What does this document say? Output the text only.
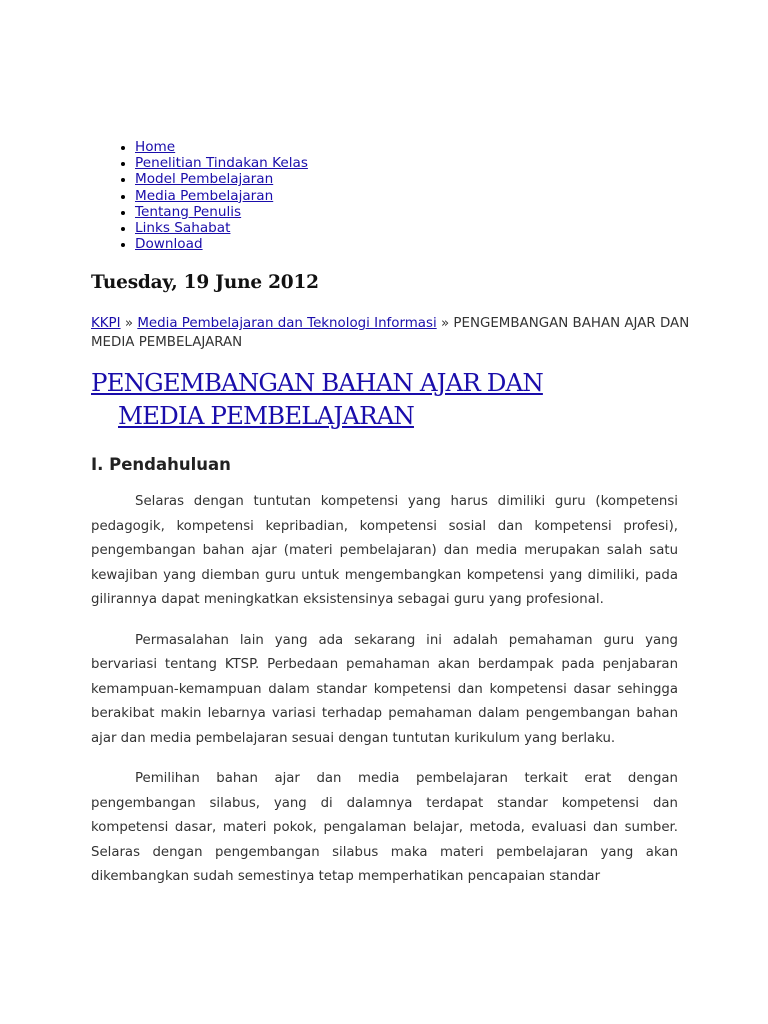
• Home
• Penelitian Tindakan Kelas
• Model Pembelajaran
• Media Pembelajaran
• Tentang Penulis
• Links Sahabat
• Download
Tuesday, 19 June 2012
KKPI » Media Pembelajaran dan Teknologi Informasi » PENGEMBANGAN BAHAN AJAR DAN MEDIA PEMBELAJARAN
PENGEMBANGAN BAHAN AJAR DAN
MEDIA PEMBELAJARAN
I. Pendahuluan

Selaras dengan tuntutan kompetensi yang harus dimiliki guru (kompetensi pedagogik, kompetensi kepribadian, kompetensi sosial dan kompetensi profesi), pengembangan bahan ajar (materi pembelajaran) dan media merupakan salah satu kewajiban yang diemban guru untuk mengembangkan kompetensi yang dimiliki, pada gilirannya dapat meningkatkan eksistensinya sebagai guru yang profesional.

Permasalahan lain yang ada sekarang ini adalah pemahaman guru yang bervariasi tentang KTSP. Perbedaan pemahaman akan berdampak pada penjabaran kemampuan-kemampuan dalam standar kompetensi dan kompetensi dasar sehingga berakibat makin lebarnya variasi terhadap pemahaman dalam pengembangan bahan ajar dan media pembelajaran sesuai dengan tuntutan kurikulum yang berlaku.

Pemilihan bahan ajar dan media pembelajaran terkait erat dengan pengembangan silabus, yang di dalamnya terdapat standar kompetensi dan kompetensi dasar, materi pokok, pengalaman belajar, metoda, evaluasi dan sumber. Selaras dengan pengembangan silabus maka materi pembelajaran yang akan dikembangkan sudah semestinya tetap memperhatikan pencapaian standar
